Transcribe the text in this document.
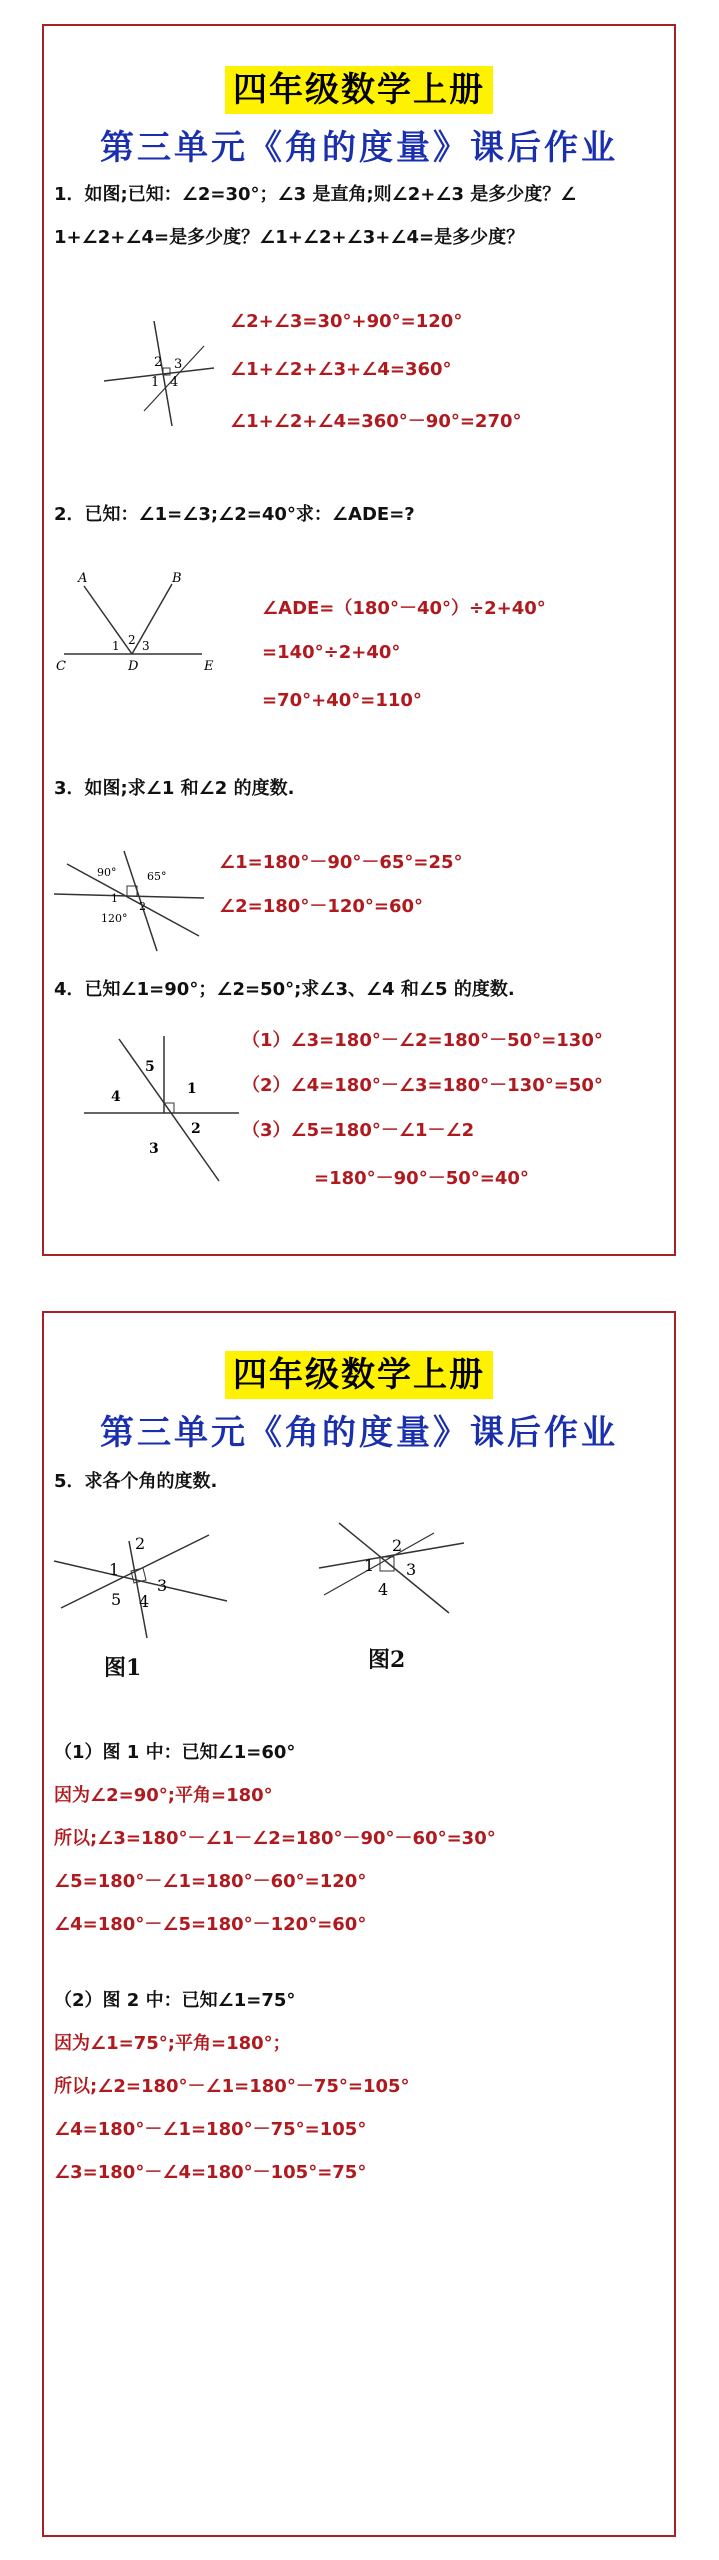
四年级数学上册
第三单元《角的度量》课后作业
1．如图;已知：∠2=30°；∠3 是直角;则∠2+∠3 是多少度？∠
1+∠2+∠4=是多少度？∠1+∠2+∠3+∠4=是多少度？
2 3
1 4
∠2+∠3=30°+90°=120°
∠1+∠2+∠3+∠4=360°
∠1+∠2+∠4=360°－90°=270°
2．已知：∠1=∠3;∠2=40°求：∠ADE=?
A	B
C	D	E
1 2 3
∠ADE=（180°－40°）÷2+40°
=140°÷2+40°
=70°+40°=110°
3．如图;求∠1 和∠2 的度数.
90°	65°
1
2
120°
∠1=180°－90°－65°=25°
∠2=180°－120°=60°
4．已知∠1=90°；∠2=50°;求∠3、∠4 和∠5 的度数.
5
1
4
2
3
（1）∠3=180°－∠2=180°－50°=130°
（2）∠4=180°－∠3=180°－130°=50°
（3）∠5=180°－∠1－∠2
=180°－90°－50°=40°
四年级数学上册
第三单元《角的度量》课后作业
5．求各个角的度数.
2
1
3
5 4
图1
2
1 3
4
图2
（1）图 1 中：已知∠1=60°
因为∠2=90°;平角=180°
所以;∠3=180°－∠1－∠2=180°－90°－60°=30°
∠5=180°－∠1=180°－60°=120°
∠4=180°－∠5=180°－120°=60°
（2）图 2 中：已知∠1=75°
因为∠1=75°;平角=180°；
所以;∠2=180°－∠1=180°－75°=105°
∠4=180°－∠1=180°－75°=105°
∠3=180°－∠4=180°－105°=75°
